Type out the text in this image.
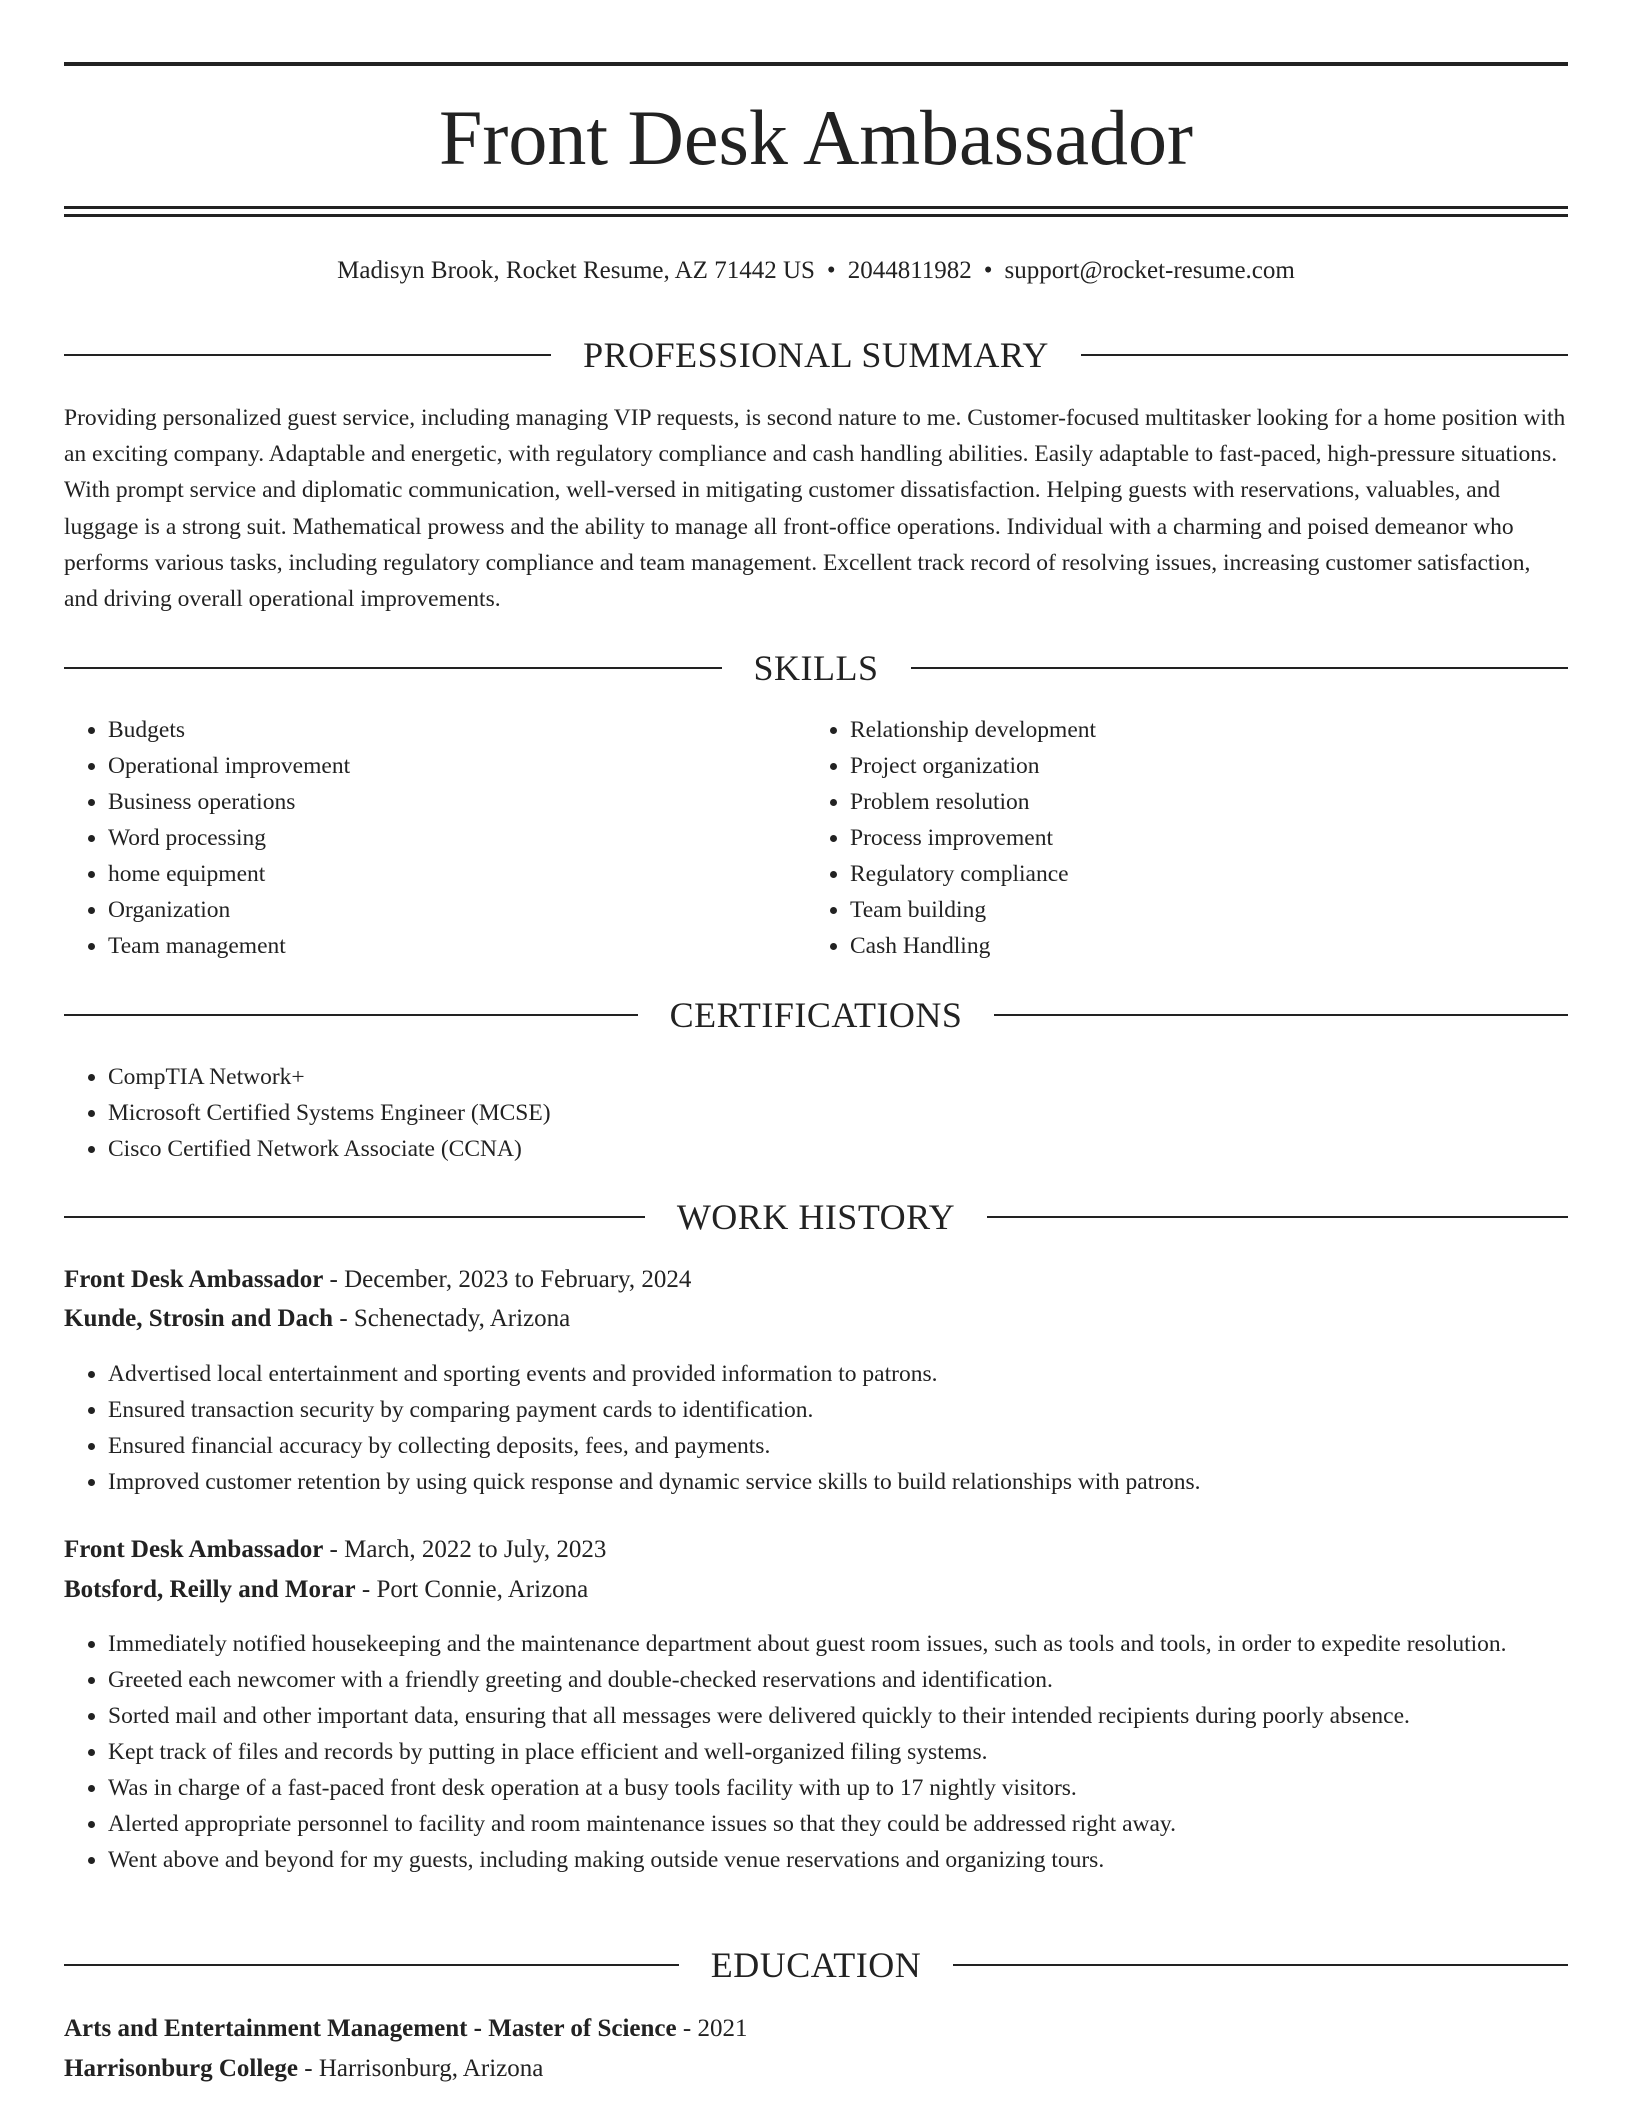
Front Desk Ambassador
Madisyn Brook, Rocket Resume, AZ 71442 US • 2044811982 • support@rocket-resume.com
PROFESSIONAL SUMMARY

Providing personalized guest service, including managing VIP requests, is second nature to me. Customer-focused multitasker looking for a home position with an exciting company. Adaptable and energetic, with regulatory compliance and cash handling abilities. Easily adaptable to fast-paced, high-pressure situations. With prompt service and diplomatic communication, well-versed in mitigating customer dissatisfaction. Helping guests with reservations, valuables, and luggage is a strong suit. Mathematical prowess and the ability to manage all front-office operations. Individual with a charming and poised demeanor who performs various tasks, including regulatory compliance and team management. Excellent track record of resolving issues, increasing customer satisfaction, and driving overall operational improvements.

SKILLS
• Budgets
• Operational improvement
• Business operations
• Word processing
• home equipment
• Organization
• Team management
• Relationship development
• Project organization
• Problem resolution
• Process improvement
• Regulatory compliance
• Team building
• Cash Handling
CERTIFICATIONS
• CompTIA Network+
• Microsoft Certified Systems Engineer (MCSE)
• Cisco Certified Network Associate (CCNA)
WORK HISTORY
Front Desk Ambassador - December, 2023 to February, 2024
Kunde, Strosin and Dach - Schenectady, Arizona
• Advertised local entertainment and sporting events and provided information to patrons.
• Ensured transaction security by comparing payment cards to identification.
• Ensured financial accuracy by collecting deposits, fees, and payments.
• Improved customer retention by using quick response and dynamic service skills to build relationships with patrons.
Front Desk Ambassador - March, 2022 to July, 2023
Botsford, Reilly and Morar - Port Connie, Arizona
• Immediately notified housekeeping and the maintenance department about guest room issues, such as tools and tools, in order to expedite resolution.
• Greeted each newcomer with a friendly greeting and double-checked reservations and identification.
• Sorted mail and other important data, ensuring that all messages were delivered quickly to their intended recipients during poorly absence.
• Kept track of files and records by putting in place efficient and well-organized filing systems.
• Was in charge of a fast-paced front desk operation at a busy tools facility with up to 17 nightly visitors.
• Alerted appropriate personnel to facility and room maintenance issues so that they could be addressed right away.
• Went above and beyond for my guests, including making outside venue reservations and organizing tours.
EDUCATION
Arts and Entertainment Management - Master of Science - 2021
Harrisonburg College - Harrisonburg, Arizona
